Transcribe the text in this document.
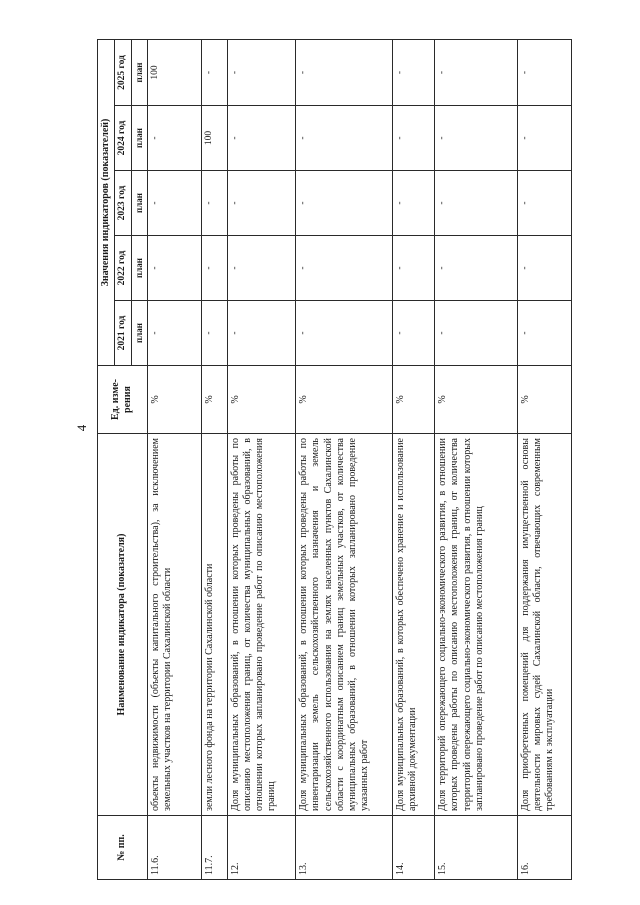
4
№ пп.	Наименование индикатора (показателя)	Ед. изме-рения	Значения индикаторов (показателей)				
			2021 год	2022 год	2023 год	2024 год	2025 год
			план	план	план	план	план
11.6.	объекты недвижимости (объекты капитального строительства), за исключением земельных участков на территории Сахалинской области	%	-	-	-	-	100
11.7.	земли лесного фонда на территории Сахалинской области	%	-	-	-	100	-
12.	Доля муниципальных образований, в отношении которых проведены работы по описанию местоположения границ, от количества муниципальных образований, в отношении которых запланировано проведение работ по описанию местоположения границ	%	-	-	-	-	-
13.	Доля муниципальных образований, в отношении которых проведены работы по инвентаризации земель сельскохозяйственного назначения и земель сельскохозяйственного использования на землях населенных пунктов Сахалинской области с координатным описанием границ земельных участков, от количества муниципальных образований, в отношении которых запланировано проведение указанных работ	%	-	-	-	-	-
14.	Доля муниципальных образований, в которых обеспечено хранение и использование архивной документации	%	-	-	-	-	-
15.	Доля территорий опережающего социально-экономического развития, в отношении которых проведены работы по описанию местоположения границ, от количества территорий опережающего социально-экономического развития, в отношении которых запланировано проведение работ по описанию местоположения границ	%	-	-	-	-	-
16.	Доля приобретенных помещений для поддержания имущественной основы деятельности мировых судей Сахалинской области, отвечающих современным требованиям к эксплуатации	%	-	-	-	-	-
